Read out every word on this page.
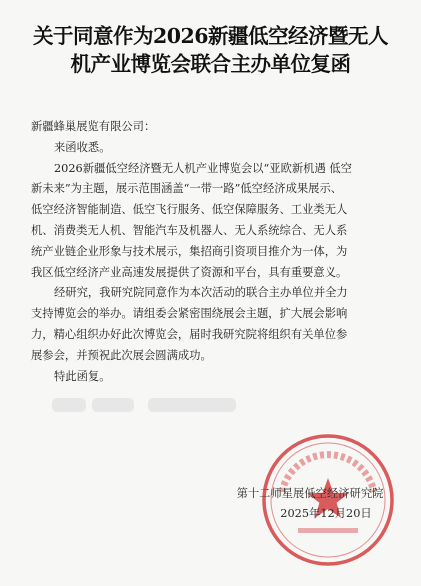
关于同意作为2026新疆低空经济暨无人
机产业博览会联合主办单位复函

新疆蜂巢展览有限公司：

来函收悉。

2026新疆低空经济暨无人机产业博览会以“亚欧新机遇 低空

新未来”为主题，展示范围涵盖“一带一路”低空经济成果展示、

低空经济智能制造、低空飞行服务、低空保障服务、工业类无人

机、消费类无人机、智能汽车及机器人、无人系统综合、无人系

统产业链企业形象与技术展示，集招商引资项目推介为一体，为

我区低空经济产业高速发展提供了资源和平台，具有重要意义。

经研究，我研究院同意作为本次活动的联合主办单位并全力

支持博览会的举办。请组委会紧密围绕展会主题，扩大展会影响

力，精心组织办好此次博览会，届时我研究院将组织有关单位参

展参会，并预祝此次展会圆满成功。

特此函复。

第十二师星展低空经济研究院
2025年12月20日
